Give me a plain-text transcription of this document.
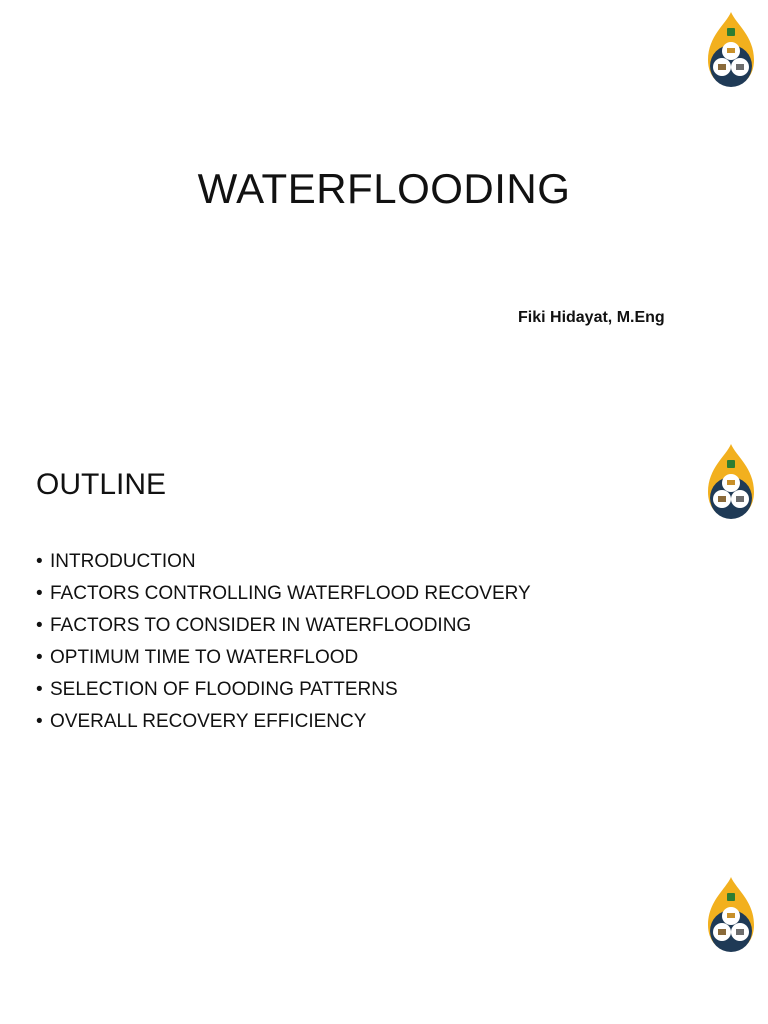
WATERFLOODING

Fiki Hidayat, M.Eng

OUTLINE
• INTRODUCTION
• FACTORS CONTROLLING WATERFLOOD RECOVERY
• FACTORS TO CONSIDER IN WATERFLOODING
• OPTIMUM TIME TO WATERFLOOD
• SELECTION OF FLOODING PATTERNS
• OVERALL RECOVERY EFFICIENCY
